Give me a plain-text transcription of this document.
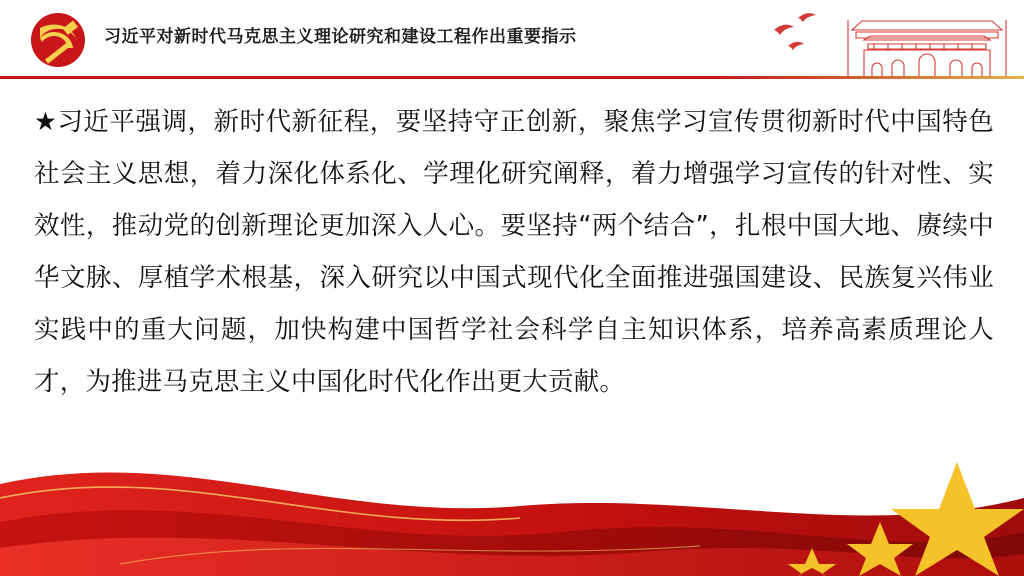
习近平对新时代马克思主义理论研究和建设工程作出重要指示
★习近平强调，新时代新征程，要坚持守正创新，聚焦学习宣传贯彻新时代中国特色社会主义思想，着力深化体系化、学理化研究阐释，着力增强学习宣传的针对性、实效性，推动党的创新理论更加深入人心。要坚持“两个结合”，扎根中国大地、赓续中华文脉、厚植学术根基，深入研究以中国式现代化全面推进强国建设、民族复兴伟业实践中的重大问题，加快构建中国哲学社会科学自主知识体系，培养高素质理论人才，为推进马克思主义中国化时代化作出更大贡献。
